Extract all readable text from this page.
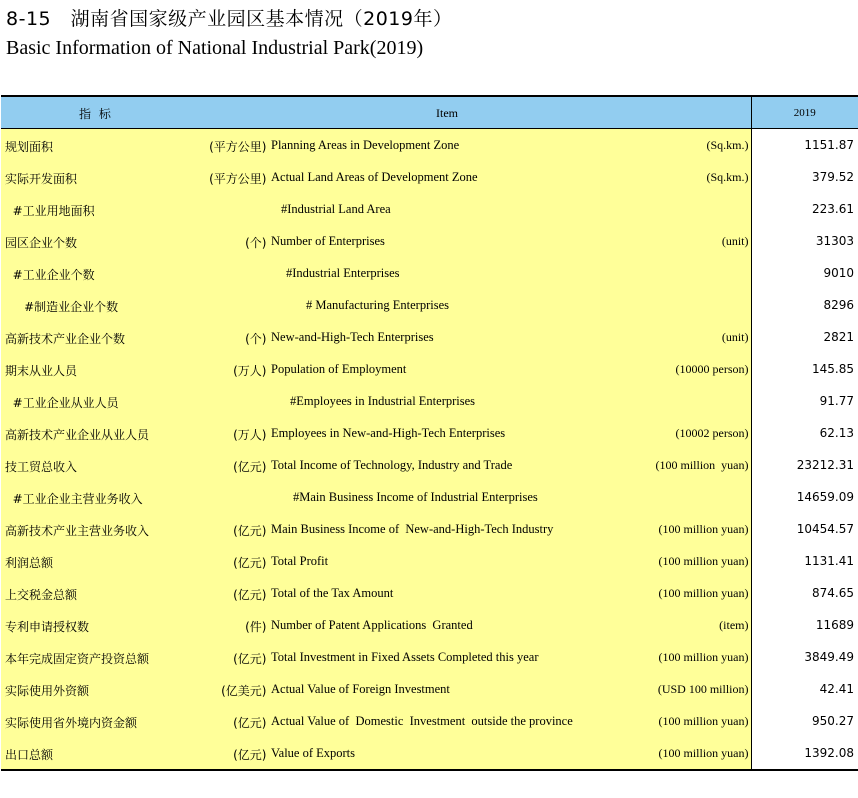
8-15　湖南省国家级产业园区基本情况（2019年）
Basic Information of National Industrial Park(2019)
指 标 Item	2019

规划面积 (平方公里) Planning Areas in Development Zone (Sq.km.)	1151.87

实际开发面积 (平方公里) Actual Land Areas of Development Zone (Sq.km.)	379.52

#工业用地面积 #Industrial Land Area	223.61

园区企业个数 (个) Number of Enterprises (unit)	31303

#工业企业个数 #Industrial Enterprises	9010

#制造业企业个数 # Manufacturing Enterprises	8296

高新技术产业企业个数 (个) New-and-High-Tech Enterprises (unit)	2821

期末从业人员 (万人) Population of Employment (10000 person)	145.85

#工业企业从业人员 #Employees in Industrial Enterprises	91.77

高新技术产业企业从业人员 (万人) Employees in New-and-High-Tech Enterprises (10002 person)	62.13

技工贸总收入 (亿元) Total Income of Technology, Industry and Trade (100 million  yuan)	23212.31

#工业企业主营业务收入 #Main Business Income of Industrial Enterprises	14659.09

高新技术产业主营业务收入 (亿元) Main Business Income of  New-and-High-Tech Industry (100 million yuan)	10454.57

利润总额 (亿元) Total Profit (100 million yuan)	1131.41

上交税金总额 (亿元) Total of the Tax Amount (100 million yuan)	874.65

专利申请授权数 (件) Number of Patent Applications  Granted (item)	11689

本年完成固定资产投资总额 (亿元) Total Investment in Fixed Assets Completed this year (100 million yuan)	3849.49

实际使用外资额 (亿美元) Actual Value of Foreign Investment (USD 100 million)	42.41

实际使用省外境内资金额 (亿元) Actual Value of  Domestic  Investment  outside the province (100 million yuan)	950.27

出口总额 (亿元) Value of Exports (100 million yuan)	1392.08
